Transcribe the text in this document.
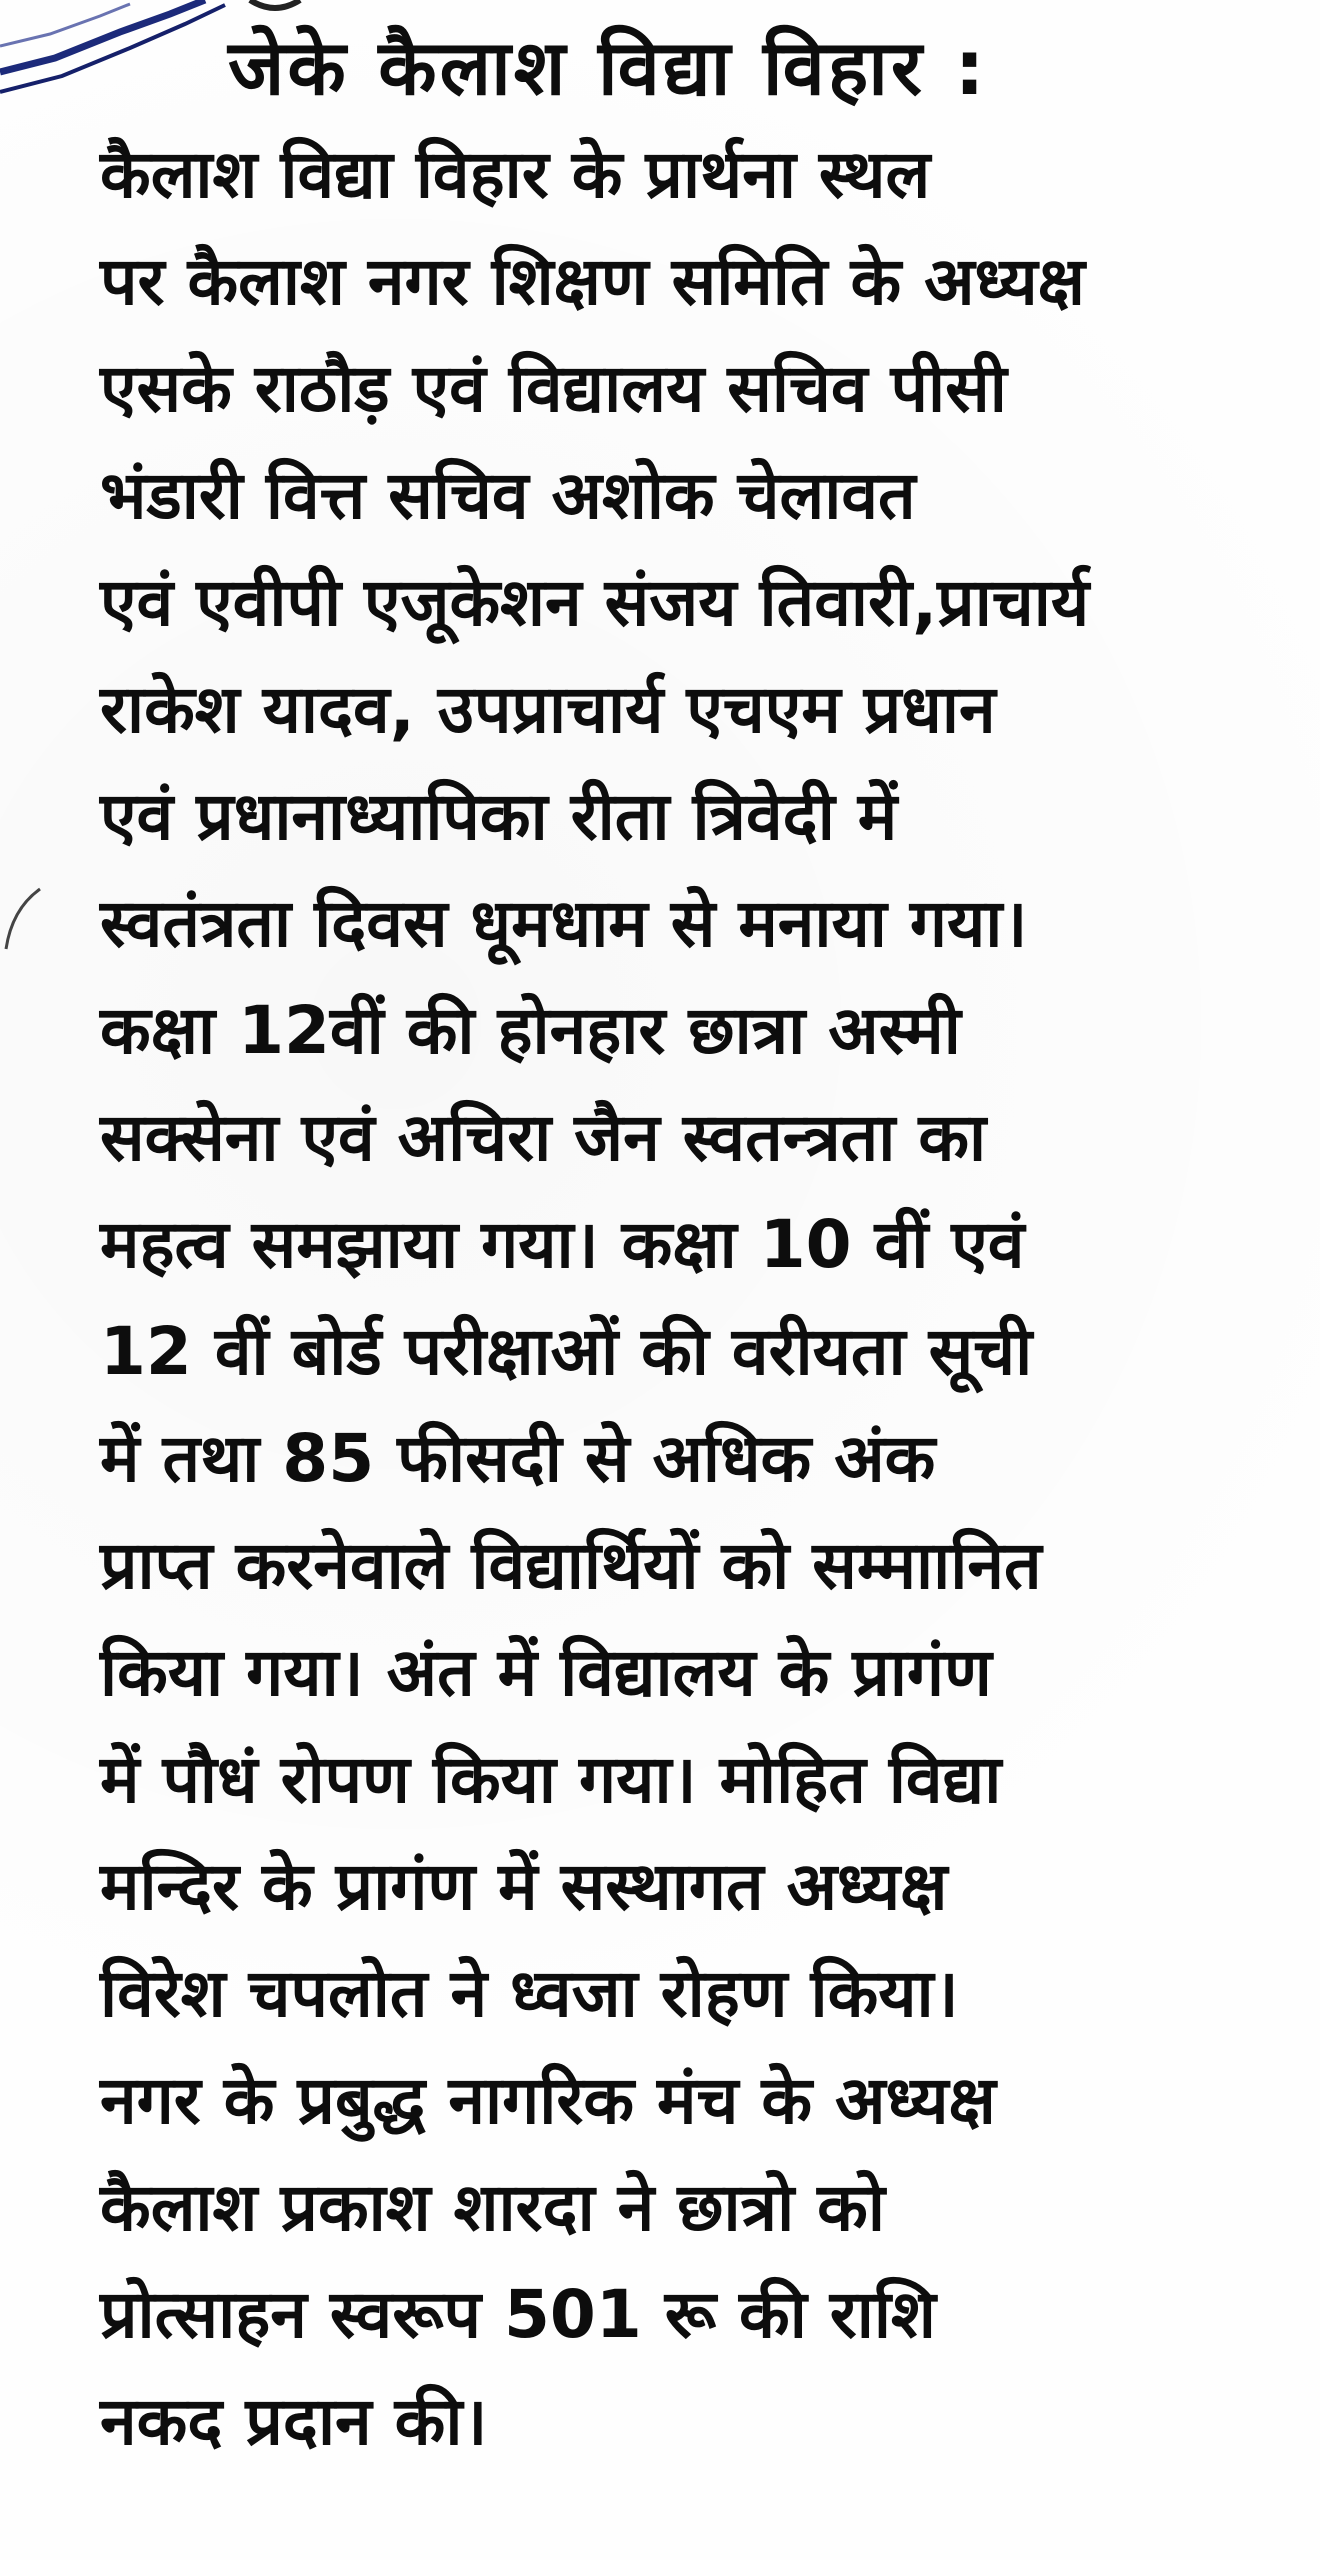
जेके कैलाश विद्या विहार :
कैलाश विद्या विहार के प्रार्थना स्थल
पर कैलाश नगर शिक्षण समिति के अध्यक्ष
एसके राठौड़ एवं विद्यालय सचिव पीसी
भंडारी वित्त सचिव अशोक चेलावत
एवं एवीपी एजूकेशन संजय तिवारी,प्राचार्य
राकेश यादव, उपप्राचार्य एचएम प्रधान
एवं प्रधानाध्यापिका रीता त्रिवेदी में
स्वतंत्रता दिवस धूमधाम से मनाया गया।
कक्षा 12वीं की होनहार छात्रा अस्मी
सक्सेना एवं अचिरा जैन स्वतन्त्रता का
महत्व समझाया गया। कक्षा 10 वीं एवं
12 वीं बोर्ड परीक्षाओं की वरीयता सूची
में तथा 85 फीसदी से अधिक अंक
प्राप्त करनेवाले विद्यार्थियों को सम्माानित
किया गया। अंत में विद्यालय के प्रागंण
में पौधं रोपण किया गया। मोहित विद्या
मन्दिर के प्रागंण में सस्थागत अध्यक्ष
विरेश चपलोत ने ध्वजा रोहण किया।
नगर के प्रबुद्ध नागरिक मंच के अध्यक्ष
कैलाश प्रकाश शारदा ने छात्रो को
प्रोत्साहन स्वरूप 501 रू की राशि
नकद प्रदान की।
